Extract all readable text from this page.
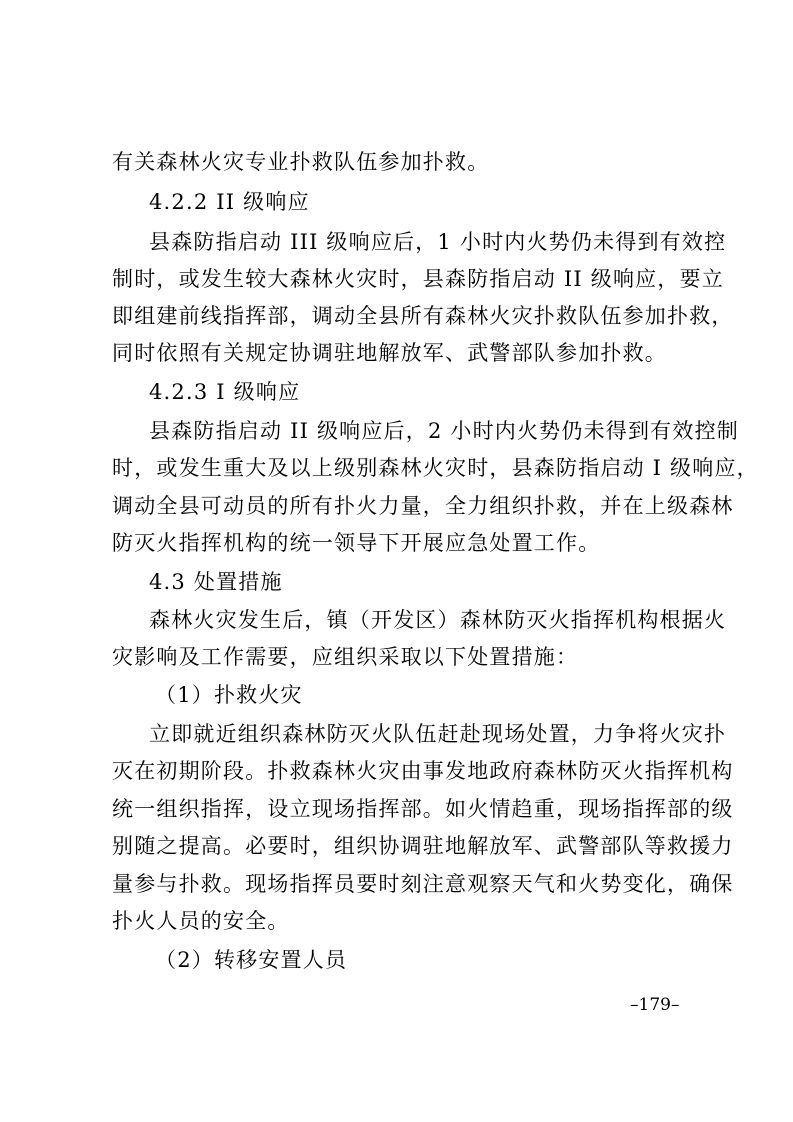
有关森林火灾专业扑救队伍参加扑救。
4.2.2 II 级响应
县森防指启动 III 级响应后，1 小时内火势仍未得到有效控
制时，或发生较大森林火灾时，县森防指启动 II 级响应，要立
即组建前线指挥部，调动全县所有森林火灾扑救队伍参加扑救，
同时依照有关规定协调驻地解放军、武警部队参加扑救。
4.2.3 I 级响应
县森防指启动 II 级响应后，2 小时内火势仍未得到有效控制
时，或发生重大及以上级别森林火灾时，县森防指启动 I 级响应，
调动全县可动员的所有扑火力量，全力组织扑救，并在上级森林
防灭火指挥机构的统一领导下开展应急处置工作。
4.3 处置措施
森林火灾发生后，镇（开发区）森林防灭火指挥机构根据火
灾影响及工作需要，应组织采取以下处置措施：
（1）扑救火灾
立即就近组织森林防灭火队伍赶赴现场处置，力争将火灾扑
灭在初期阶段。扑救森林火灾由事发地政府森林防灭火指挥机构
统一组织指挥，设立现场指挥部。如火情趋重，现场指挥部的级
别随之提高。必要时，组织协调驻地解放军、武警部队等救援力
量参与扑救。现场指挥员要时刻注意观察天气和火势变化，确保
扑火人员的安全。
（2）转移安置人员
–179–
